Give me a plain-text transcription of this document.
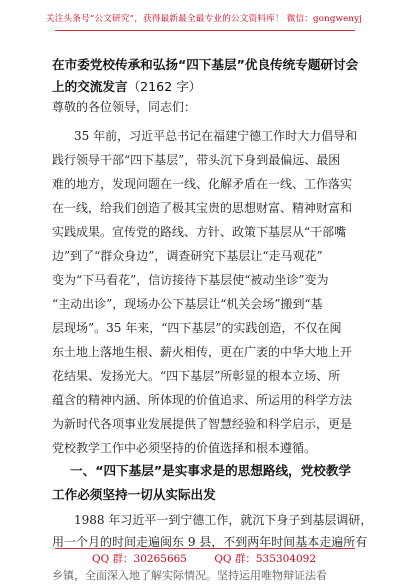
关注头条号“公文研究”，获得最新最全最专业的公文资料库！ 微信：gongwenyj
在市委党校传承和弘扬“四下基层”优良传统专题研讨会
上的交流发言（2162 字）
尊敬的各位领导，同志们：
35 年前，习近平总书记在福建宁德工作时大力倡导和
践行领导干部“四下基层”，带头沉下身到最偏远、最困
难的地方，发现问题在一线、化解矛盾在一线、工作落实
在一线，给我们创造了极其宝贵的思想财富、精神财富和
实践成果。宣传党的路线、方针、政策下基层从“干部嘴
边”到了“群众身边”，调查研究下基层让“走马观花”
变为“下马看花”，信访接待下基层使“被动坐诊”变为
“主动出诊”，现场办公下基层让“机关会场”搬到“基
层现场”。35 年来，“四下基层”的实践创造，不仅在闽
东土地上落地生根、薪火相传，更在广袤的中华大地上开
花结果、发扬光大。“四下基层”所彰显的根本立场、所
蕴含的精神内涵、所体现的价值追求、所运用的科学方法
为新时代各项事业发展提供了智慧经验和科学启示，更是
党校教学工作中必须坚持的价值选择和根本遵循。
一、“四下基层”是实事求是的思想路线，党校教学
工作必须坚持一切从实际出发
1988 年习近平一到宁德工作，就沉下身子到基层调研，
用一个月的时间走遍闽东 9 县，不到两年时间基本走遍所有
QQ 群：30265665	QQ 群：535304092
乡镇，全面深入地了解实际情况。坚持运用唯物辩证法看
